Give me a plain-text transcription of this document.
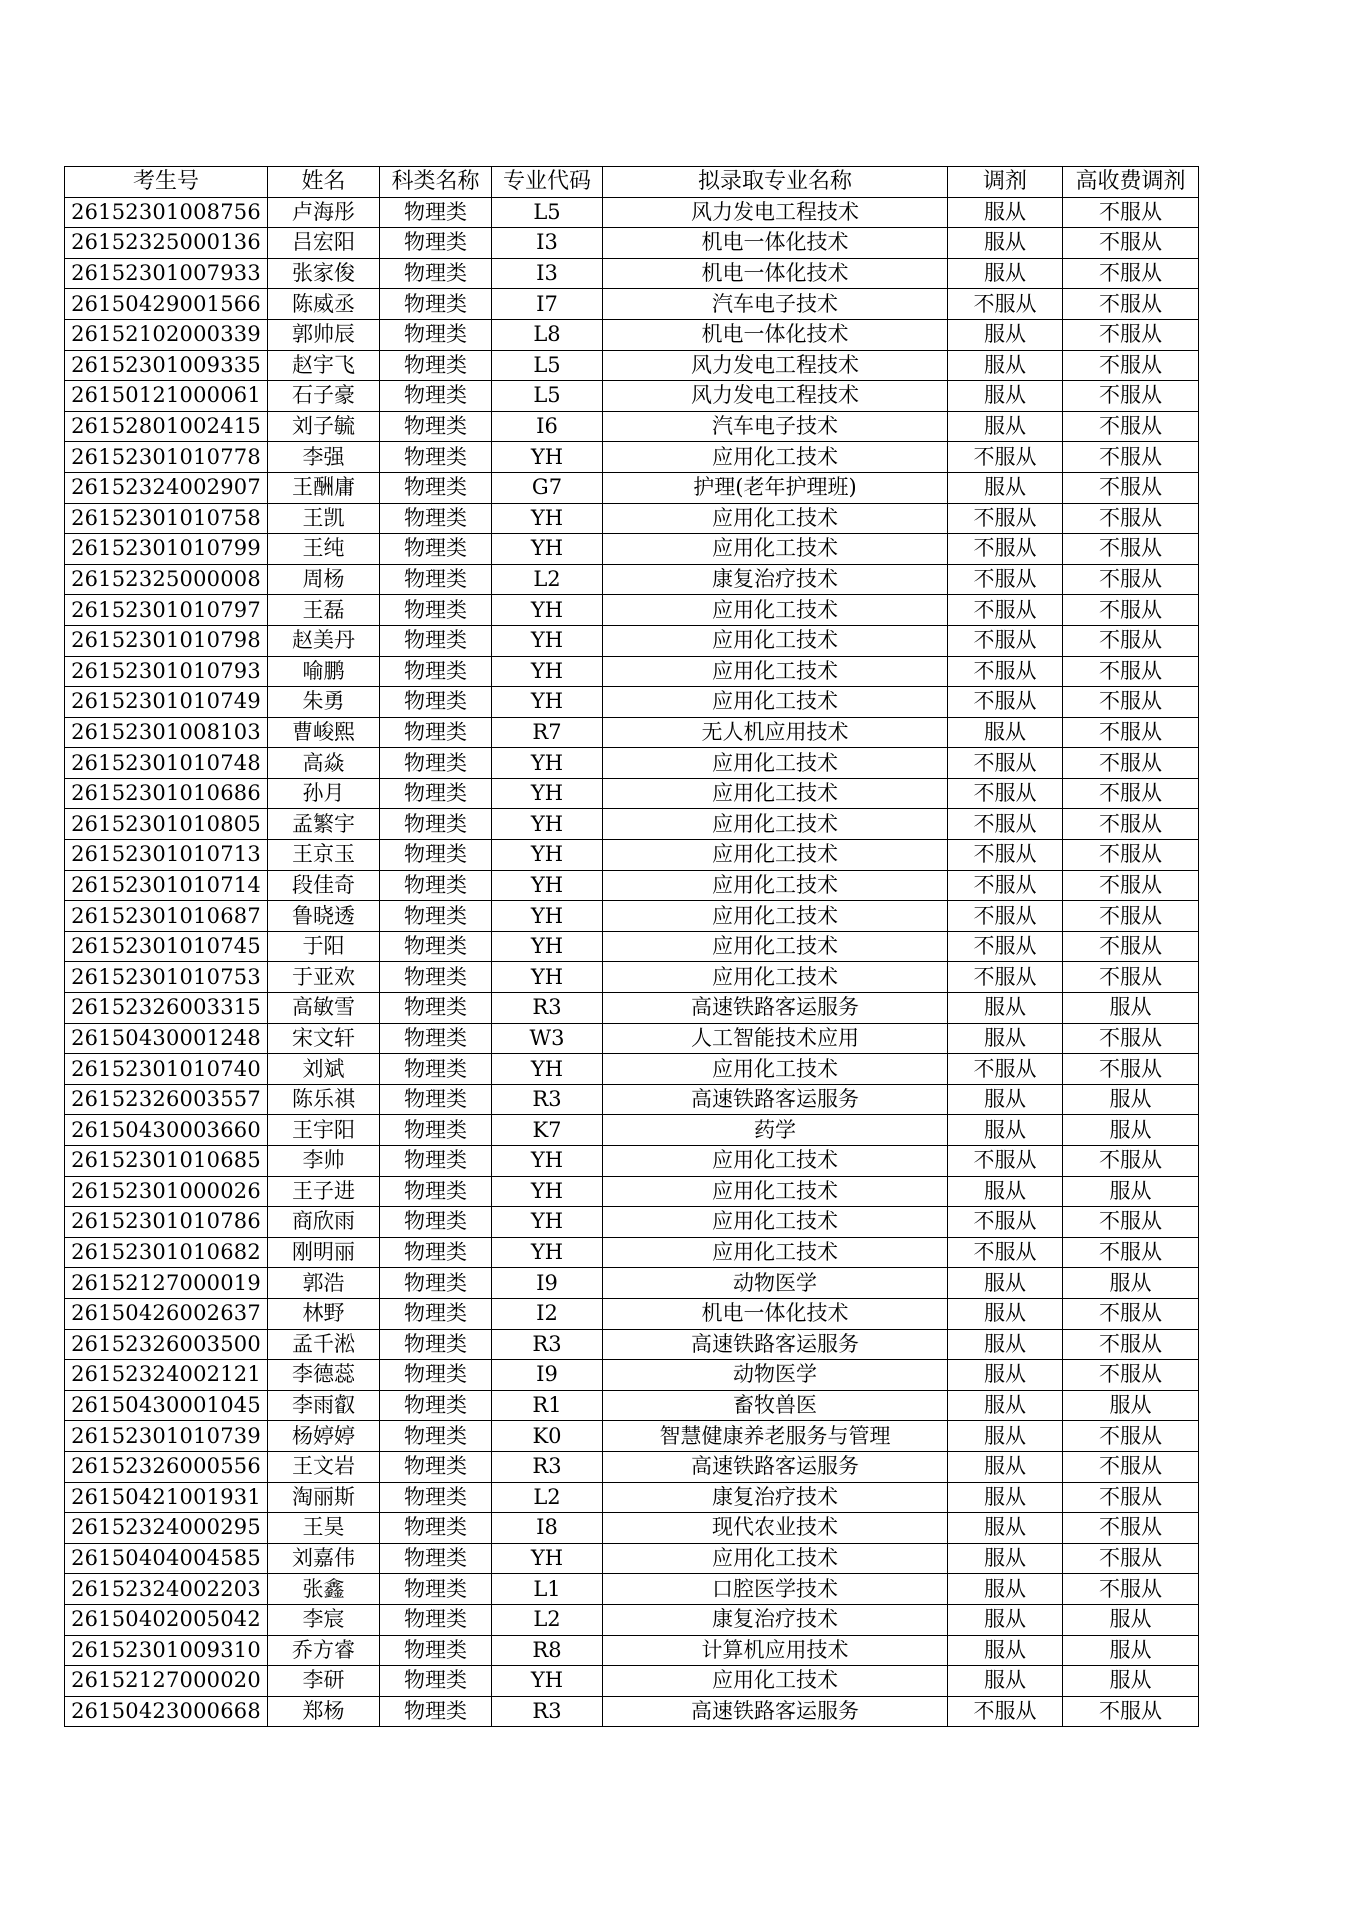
考生号	姓名	科类名称	专业代码	拟录取专业名称	调剂	高收费调剂
26152301008756	卢海彤	物理类	L5	风力发电工程技术	服从	不服从
26152325000136	吕宏阳	物理类	I3	机电一体化技术	服从	不服从
26152301007933	张家俊	物理类	I3	机电一体化技术	服从	不服从
26150429001566	陈威丞	物理类	I7	汽车电子技术	不服从	不服从
26152102000339	郭帅辰	物理类	L8	机电一体化技术	服从	不服从
26152301009335	赵宇飞	物理类	L5	风力发电工程技术	服从	不服从
26150121000061	石子豪	物理类	L5	风力发电工程技术	服从	不服从
26152801002415	刘子毓	物理类	I6	汽车电子技术	服从	不服从
26152301010778	李强	物理类	YH	应用化工技术	不服从	不服从
26152324002907	王酬庸	物理类	G7	护理(老年护理班)	服从	不服从
26152301010758	王凯	物理类	YH	应用化工技术	不服从	不服从
26152301010799	王纯	物理类	YH	应用化工技术	不服从	不服从
26152325000008	周杨	物理类	L2	康复治疗技术	不服从	不服从
26152301010797	王磊	物理类	YH	应用化工技术	不服从	不服从
26152301010798	赵美丹	物理类	YH	应用化工技术	不服从	不服从
26152301010793	喻鹏	物理类	YH	应用化工技术	不服从	不服从
26152301010749	朱勇	物理类	YH	应用化工技术	不服从	不服从
26152301008103	曹峻熙	物理类	R7	无人机应用技术	服从	不服从
26152301010748	高焱	物理类	YH	应用化工技术	不服从	不服从
26152301010686	孙月	物理类	YH	应用化工技术	不服从	不服从
26152301010805	孟繁宇	物理类	YH	应用化工技术	不服从	不服从
26152301010713	王京玉	物理类	YH	应用化工技术	不服从	不服从
26152301010714	段佳奇	物理类	YH	应用化工技术	不服从	不服从
26152301010687	鲁晓透	物理类	YH	应用化工技术	不服从	不服从
26152301010745	于阳	物理类	YH	应用化工技术	不服从	不服从
26152301010753	于亚欢	物理类	YH	应用化工技术	不服从	不服从
26152326003315	高敏雪	物理类	R3	高速铁路客运服务	服从	服从
26150430001248	宋文轩	物理类	W3	人工智能技术应用	服从	不服从
26152301010740	刘斌	物理类	YH	应用化工技术	不服从	不服从
26152326003557	陈乐祺	物理类	R3	高速铁路客运服务	服从	服从
26150430003660	王宇阳	物理类	K7	药学	服从	服从
26152301010685	李帅	物理类	YH	应用化工技术	不服从	不服从
26152301000026	王子进	物理类	YH	应用化工技术	服从	服从
26152301010786	商欣雨	物理类	YH	应用化工技术	不服从	不服从
26152301010682	刚明丽	物理类	YH	应用化工技术	不服从	不服从
26152127000019	郭浩	物理类	I9	动物医学	服从	服从
26150426002637	林野	物理类	I2	机电一体化技术	服从	不服从
26152326003500	孟千淞	物理类	R3	高速铁路客运服务	服从	不服从
26152324002121	李德蕊	物理类	I9	动物医学	服从	不服从
26150430001045	李雨叡	物理类	R1	畜牧兽医	服从	服从
26152301010739	杨婷婷	物理类	K0	智慧健康养老服务与管理	服从	不服从
26152326000556	王文岩	物理类	R3	高速铁路客运服务	服从	不服从
26150421001931	淘丽斯	物理类	L2	康复治疗技术	服从	不服从
26152324000295	王昊	物理类	I8	现代农业技术	服从	不服从
26150404004585	刘嘉伟	物理类	YH	应用化工技术	服从	不服从
26152324002203	张鑫	物理类	L1	口腔医学技术	服从	不服从
26150402005042	李宸	物理类	L2	康复治疗技术	服从	服从
26152301009310	乔方睿	物理类	R8	计算机应用技术	服从	服从
26152127000020	李研	物理类	YH	应用化工技术	服从	服从
26150423000668	郑杨	物理类	R3	高速铁路客运服务	不服从	不服从
